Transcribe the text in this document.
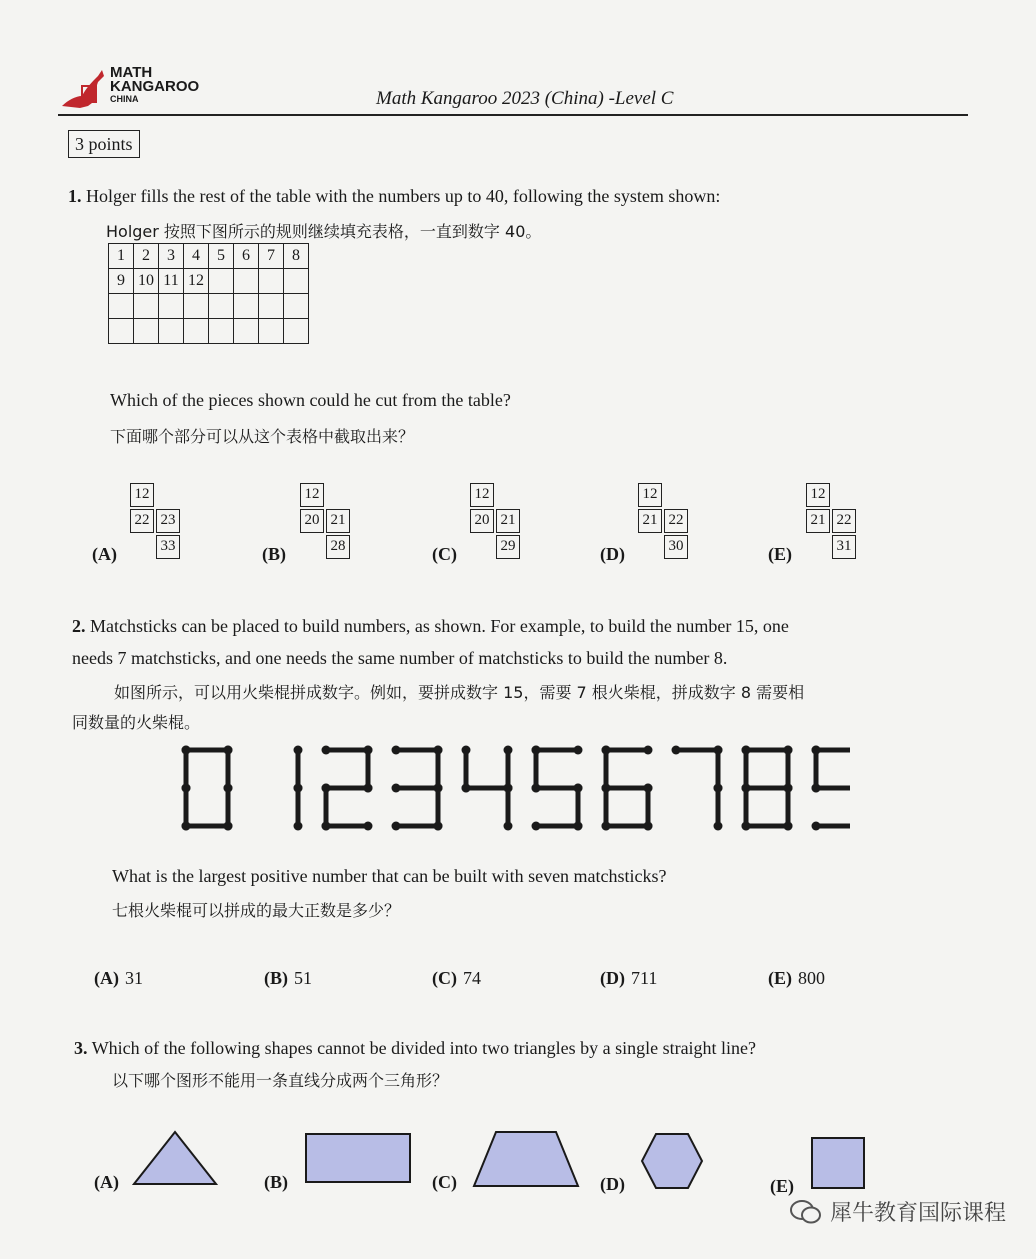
MATH
KANGAROO
CHINA	Math Kangaroo 2023 (China) -Level C
3 points
1. Holger fills the rest of the table with the numbers up to 40, following the system shown:
Holger 按照下图所示的规则继续填充表格，一直到数字 40。
1	2	3	4	5	6	7	8
9	10	11	12				

Which of the pieces shown could he cut from the table?
下面哪个部分可以从这个表格中截取出来？
(A)
12
22 23
33	(B)
12
20 21
28	(C)
12
20 21
29	(D)
12
21 22
30	(E)
12
21 22
31
2. Matchsticks can be placed to build numbers, as shown. For example, to build the number 15, one
needs 7 matchsticks, and one needs the same number of matchsticks to build the number 8.
如图所示，可以用火柴棍拼成数字。例如，要拼成数字 15，需要 7 根火柴棍，拼成数字 8 需要相
同数量的火柴棍。
What is the largest positive number that can be built with seven matchsticks?
七根火柴棍可以拼成的最大正数是多少？
(A) 31	(B) 51	(C) 74	(D) 711	(E) 800
3. Which of the following shapes cannot be divided into two triangles by a single straight line?
以下哪个图形不能用一条直线分成两个三角形？
(A)	(B)	(C)	(D)	(E)
犀牛教育国际课程
